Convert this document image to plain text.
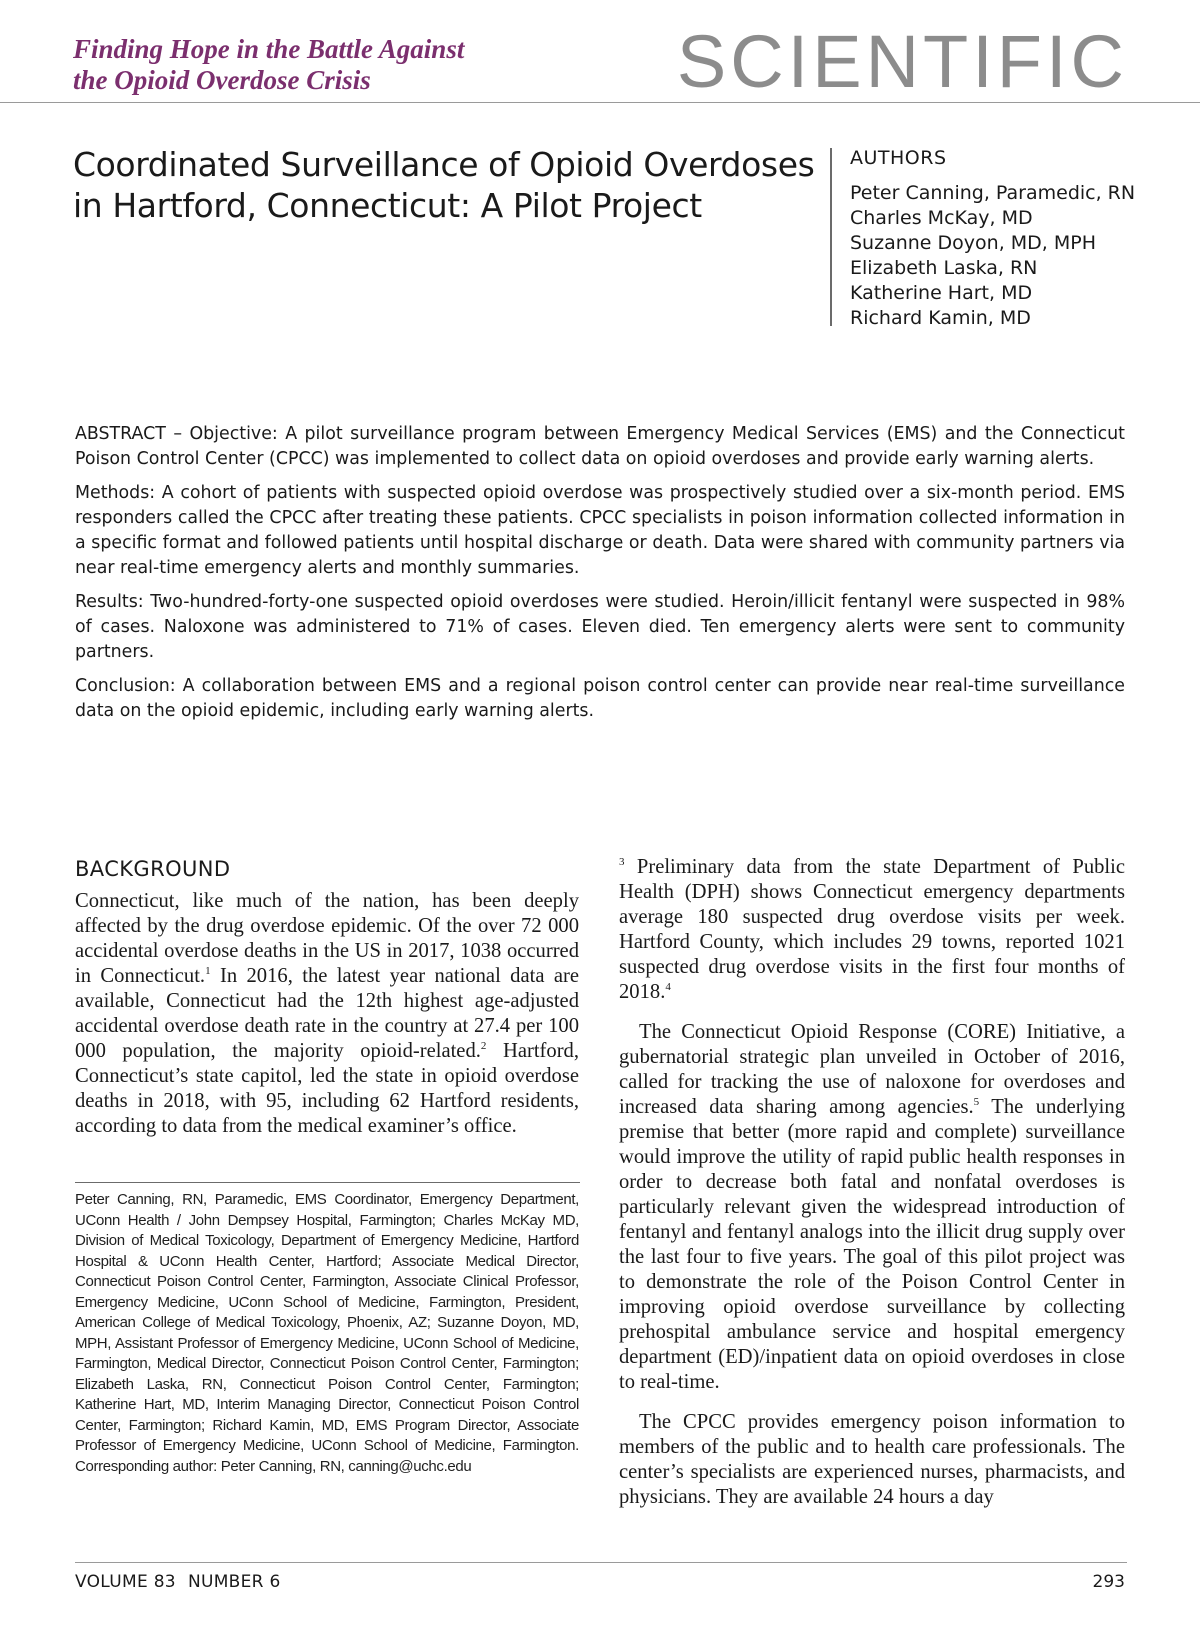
Finding Hope in the Battle Against
the Opioid Overdose Crisis	SCIENTIFIC
Coordinated Surveillance of Opioid Overdoses
in Hartford, Connecticut: A Pilot Project
AUTHORS
Peter Canning, Paramedic, RN
Charles McKay, MD
Suzanne Doyon, MD, MPH
Elizabeth Laska, RN
Katherine Hart, MD
Richard Kamin, MD

ABSTRACT – Objective: A pilot surveillance program between Emergency Medical Services (EMS) and the Connecticut Poison Control Center (CPCC) was implemented to collect data on opioid overdoses and provide early warning alerts.

Methods: A cohort of patients with suspected opioid overdose was prospectively studied over a six-month period. EMS responders called the CPCC after treating these patients. CPCC specialists in poison information collected information in a specific format and followed patients until hospital discharge or death. Data were shared with community partners via near real-time emergency alerts and monthly summaries.

Results: Two-hundred-forty-one suspected opioid overdoses were studied. Heroin/illicit fentanyl were suspected in 98% of cases. Naloxone was administered to 71% of cases. Eleven died. Ten emergency alerts were sent to community partners.

Conclusion: A collaboration between EMS and a regional poison control center can provide near real-time surveillance data on the opioid epidemic, including early warning alerts.

BACKGROUND

Connecticut, like much of the nation, has been deeply affected by the drug overdose epidemic. Of the over 72 000 accidental overdose deaths in the US in 2017, 1038 occurred in Connecticut.$^1$ In 2016, the latest year national data are available, Connecticut had the 12th highest age-adjusted accidental overdose death rate in the country at 27.4 per 100 000 population, the majority opioid-related.$^2$ Hartford, Connecticut’s state capitol, led the state in opioid overdose deaths in 2018, with 95, including 62 Hartford residents, according to data from the medical examiner’s office.

Peter Canning, RN, Paramedic, EMS Coordinator, Emergency Department, UConn Health / John Dempsey Hospital, Farmington; Charles McKay MD, Division of Medical Toxicology, Department of Emergency Medicine, Hartford Hospital & UConn Health Center, Hartford; Associate Medical Director, Connecticut Poison Control Center, Farmington, Associate Clinical Professor, Emergency Medicine, UConn School of Medicine, Farmington, President, American College of Medical Toxicology, Phoenix, AZ; Suzanne Doyon, MD, MPH, Assistant Professor of Emergency Medicine, UConn School of Medicine, Farmington, Medical Director, Connecticut Poison Control Center, Farmington; Elizabeth Laska, RN, Connecticut Poison Control Center, Farmington; Katherine Hart, MD, Interim Managing Director, Connecticut Poison Control Center, Farmington; Richard Kamin, MD, EMS Program Director, Associate Professor of Emergency Medicine, UConn School of Medicine, Farmington. Corresponding author: Peter Canning, RN, canning@uchc.edu

$^3$ Preliminary data from the state Department of Public Health (DPH) shows Connecticut emergency departments average 180 suspected drug overdose visits per week. Hartford County, which includes 29 towns, reported 1021 suspected drug overdose visits in the first four months of 2018.$^4$

The Connecticut Opioid Response (CORE) Initiative, a gubernatorial strategic plan unveiled in October of 2016, called for tracking the use of naloxone for overdoses and increased data sharing among agencies.$^5$ The underlying premise that better (more rapid and complete) surveillance would improve the utility of rapid public health responses in order to decrease both fatal and nonfatal overdoses is particularly relevant given the widespread introduction of fentanyl and fentanyl analogs into the illicit drug supply over the last four to five years. The goal of this pilot project was to demonstrate the role of the Poison Control Center in improving opioid overdose surveillance by collecting prehospital ambulance service and hospital emergency department (ED)/inpatient data on opioid overdoses in close to real-time.

The CPCC provides emergency poison information to members of the public and to health care professionals. The center’s specialists are experienced nurses, pharmacists, and physicians. They are available 24 hours a day

VOLUME 83 NUMBER 6	293
